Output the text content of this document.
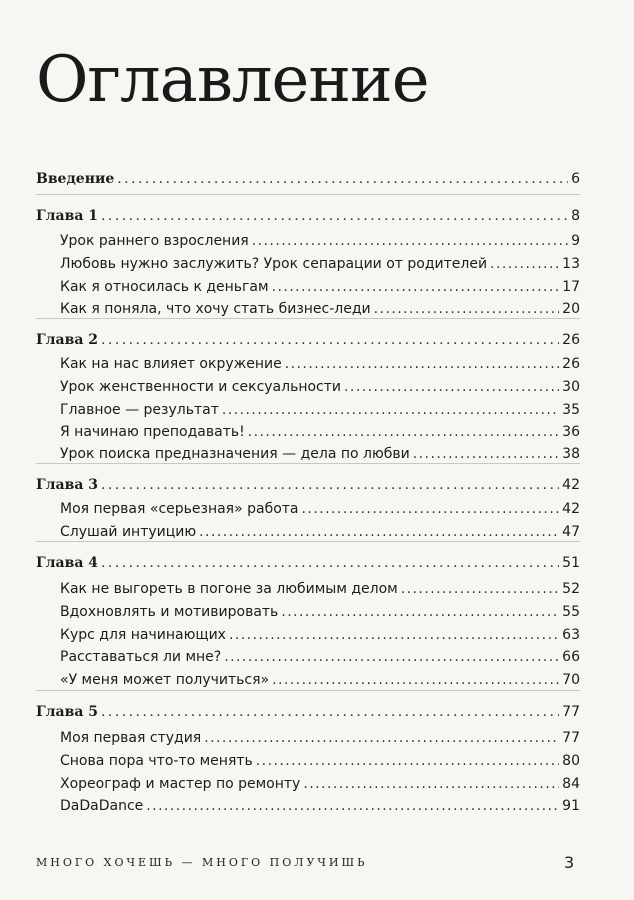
Оглавление
Введение . . .	6
Глава 1 . . .	8
Урок раннего взросления . . .	9
Любовь нужно заслужить? Урок сепарации от родителей . . .	13
Как я относилась к деньгам . . .	17
Как я поняла, что хочу стать бизнес-леди . . .	20
Глава 2 . . .	26
Как на нас влияет окружение . . .	26
Урок женственности и сексуальности . . .	30
Главное — результат . . .	35
Я начинаю преподавать! . . .	36
Урок поиска предназначения — дела по любви . . .	38
Глава 3 . . .	42
Моя первая «серьезная» работа . . .	42
Слушай интуицию . . .	47
Глава 4 . . .	51
Как не выгореть в погоне за любимым делом . . .	52
Вдохновлять и мотивировать . . .	55
Курс для начинающих . . .	63
Расставаться ли мне? . . .	66
«У меня может получиться» . . .	70
Глава 5 . . .	77
Моя первая студия . . .	77
Снова пора что-то менять . . .	80
Хореограф и мастер по ремонту . . .	84
DaDaDance . . .	91
МНОГО ХОЧЕШЬ — МНОГО ПОЛУЧИШЬ	3
